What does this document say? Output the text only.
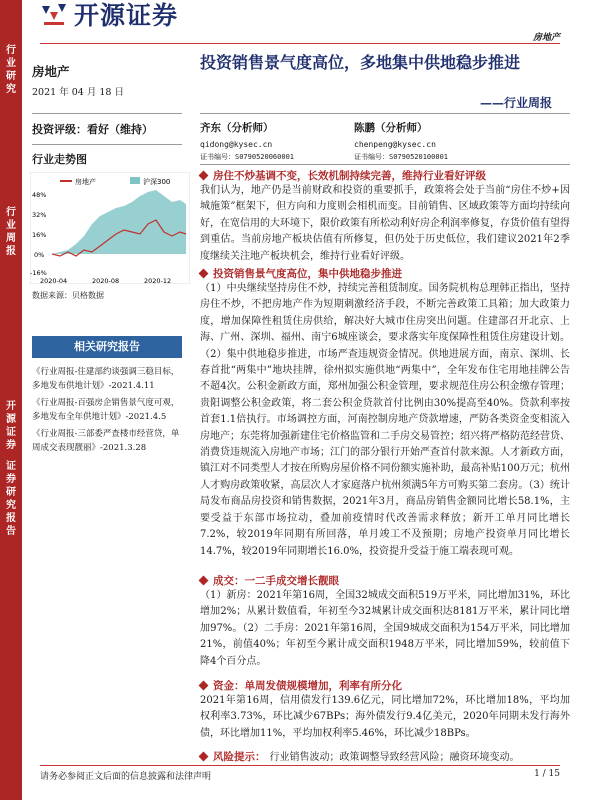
行
业
研
究
行
业
周
报
开
源
证
券
证
券
研
究
报
告
开源证券
房地产
房地产
2021 年 04 月 18 日
投资评级：看好（维持）
行业走势图
房地产	沪深300
48%
32%
16%
0%
-16%
2020-04	2020-08	2020-12
数据来源：贝格数据
相关研究报告
《行业周报-住建部约谈强调三稳目标，多地发布供地计划》-2021.4.11
《行业周报-百强房企销售景气度可观，多地发布全年供地计划》-2021.4.5
《行业周报-三部委严查楼市经营贷，单周成交表现靓丽》-2021.3.28
投资销售景气度高位，多地集中供地稳步推进
——行业周报
齐东（分析师）
qidong@kysec.cn
证书编号：S0790520060001
陈鹏（分析师）
chenpeng@kysec.cn
证书编号：S0790520100001
房住不炒基调不变，长效机制持续完善，维持行业看好评级
我们认为，地产仍是当前财政和投资的重要抓手，政策将会处于当前“房住不炒+因城施策”框架下，但方向和力度则会相机而变。目前销售、区域政策等方面均持续向好，在宽信用的大环境下，限价政策有所松动利好房企利润率修复，存货价值有望得到重估。当前房地产板块估值有所修复，但仍处于历史低位，我们建议2021年2季度继续关注地产板块机会，维持行业看好评级。
投资销售景气度高位，集中供地稳步推进
（1）中央继续坚持房住不炒，持续完善租赁制度。国务院机构总理韩正指出，坚持房住不炒，不把房地产作为短期刺激经济手段，不断完善政策工具箱；加大政策力度，增加保障性租赁住房供给，解决好大城市住房突出问题。住建部召开北京、上海、广州、深圳、福州、南宁6城座谈会，要求落实年度保障性租赁住房建设计划。（2）集中供地稳步推进，市场严查违规资金情况。供地进展方面，南京、深圳、长春首批“两集中”地块挂牌，徐州拟实施供地“两集中”，全年发布住宅用地挂牌公告不超4次。公积金新政方面，郑州加强公积金管理，要求规范住房公积金缴存管理；贵阳调整公积金政策，将二套公积金贷款首付比例由30%提高至40%。贷款利率按首套1.1倍执行。市场调控方面，河南控制房地产贷款增速，严防各类资金变相流入房地产；东莞将加强新建住宅价格监管和二手房交易管控；绍兴将严格防范经营贷、消费贷违规流入房地产市场；江门的部分银行开始严查首付款来源。人才新政方面，镇江对不同类型人才按在所购房屋价格不同份额实施补助，最高补贴100万元；杭州人才购房政策收紧，高层次人才家庭落户杭州须满5年方可购买第二套房。（3）统计局发布商品房投资和销售数据，2021年3月，商品房销售金额同比增长58.1%，主要受益于东部市场拉动，叠加前疫情时代改善需求释放；新开工单月同比增长7.2%，较2019年同期有所回落，单月竣工不及预期；房地产投资单月同比增长14.7%，较2019年同期增长16.0%，投资提升受益于施工端表现可观。
成交：一二手成交增长靓眼
（1）新房：2021年第16周，全国32城成交面积519万平米，同比增加31%，环比增加2%；从累计数值看，年初至今32城累计成交面积达8181万平米，累计同比增加97%。（2）二手房：2021年第16周，全国9城成交面积为154万平米，同比增加21%，前值40%；年初至今累计成交面积1948万平米，同比增加59%，较前值下降4个百分点。
资金：单周发债规模增加，利率有所分化
2021年第16周，信用债发行139.6亿元，同比增加72%，环比增加18%，平均加权利率3.73%，环比减少67BPs；海外债发行9.4亿美元，2020年同期未发行海外债，环比增加11%，平均加权利率5.46%，环比减少18BPs。
风险提示： 行业销售波动；政策调整导致经营风险；融资环境变动。
请务必参阅正文后面的信息披露和法律声明	1 / 15
